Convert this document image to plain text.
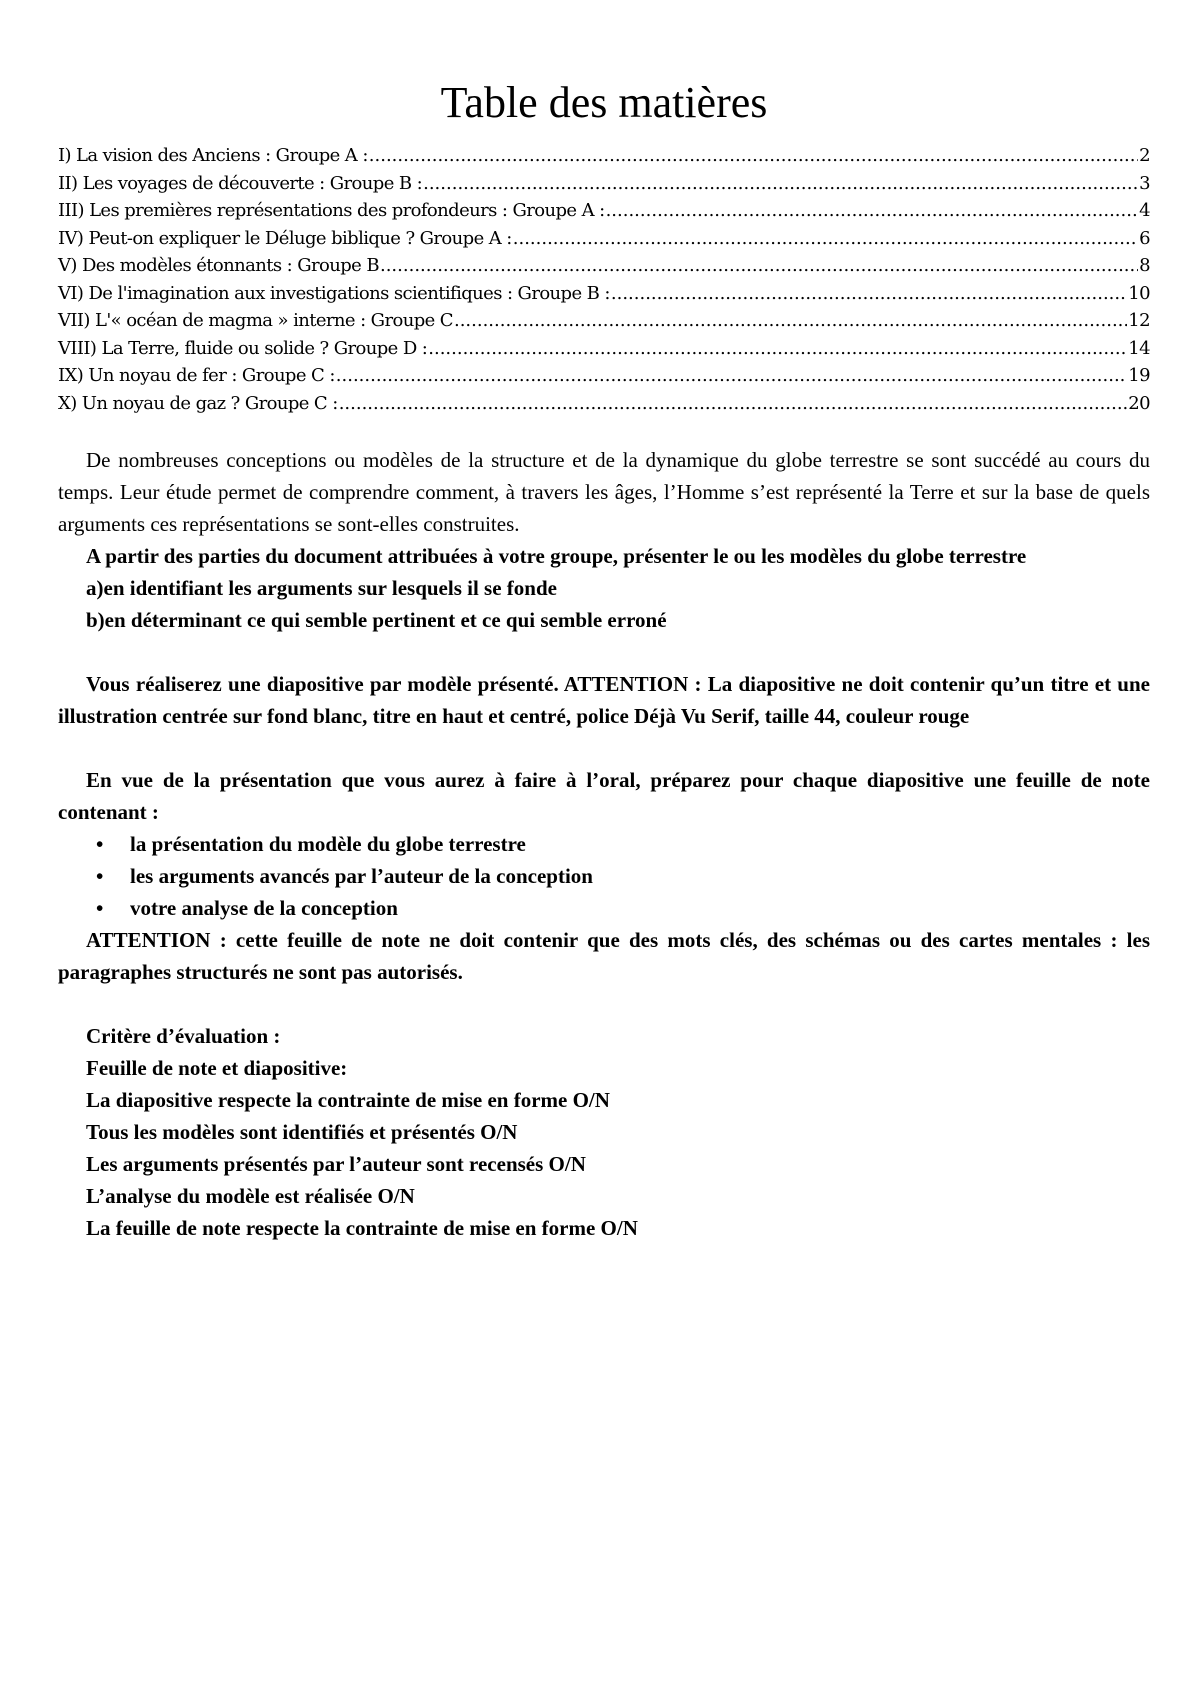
Table des matières
I) La vision des Anciens : Groupe A : .....	2
II) Les voyages de découverte : Groupe B : .....	3
III) Les premières représentations des profondeurs : Groupe A : .....	4
IV) Peut-on expliquer le Déluge biblique ? Groupe A : .....	6
V) Des modèles étonnants : Groupe B .....	8
VI) De l'imagination aux investigations scientifiques : Groupe B : .....	10
VII) L'« océan de magma » interne : Groupe C .....	12
VIII) La Terre, fluide ou solide ? Groupe D : .....	14
IX) Un noyau de fer : Groupe C : .....	19
X) Un noyau de gaz ? Groupe C : .....	20

De nombreuses conceptions ou modèles de la structure et de la dynamique du globe terrestre se sont succédé au cours du temps. Leur étude permet de comprendre comment, à travers les âges, l’Homme s’est représenté la Terre et sur la base de quels arguments ces représentations se sont-elles construites.

A partir des parties du document attribuées à votre groupe, présenter le ou les modèles du globe terrestre

a)en identifiant les arguments sur lesquels il se fonde

b)en déterminant ce qui semble pertinent et ce qui semble erroné

Vous réaliserez une diapositive par modèle présenté. ATTENTION : La diapositive ne doit contenir qu’un titre et une illustration centrée sur fond blanc, titre en haut et centré, police Déjà Vu Serif, taille 44, couleur rouge

En vue de la présentation que vous aurez à faire à l’oral, préparez pour chaque diapositive une feuille de note contenant :

• la présentation du modèle du globe terrestre
• les arguments avancés par l’auteur de la conception
• votre analyse de la conception

ATTENTION : cette feuille de note ne doit contenir que des mots clés, des schémas ou des cartes mentales : les paragraphes structurés ne sont pas autorisés.

Critère d’évaluation :

Feuille de note et diapositive:

La diapositive respecte la contrainte de mise en forme O/N

Tous les modèles sont identifiés et présentés O/N

Les arguments présentés par l’auteur sont recensés O/N

L’analyse du modèle est réalisée O/N

La feuille de note respecte la contrainte de mise en forme O/N
